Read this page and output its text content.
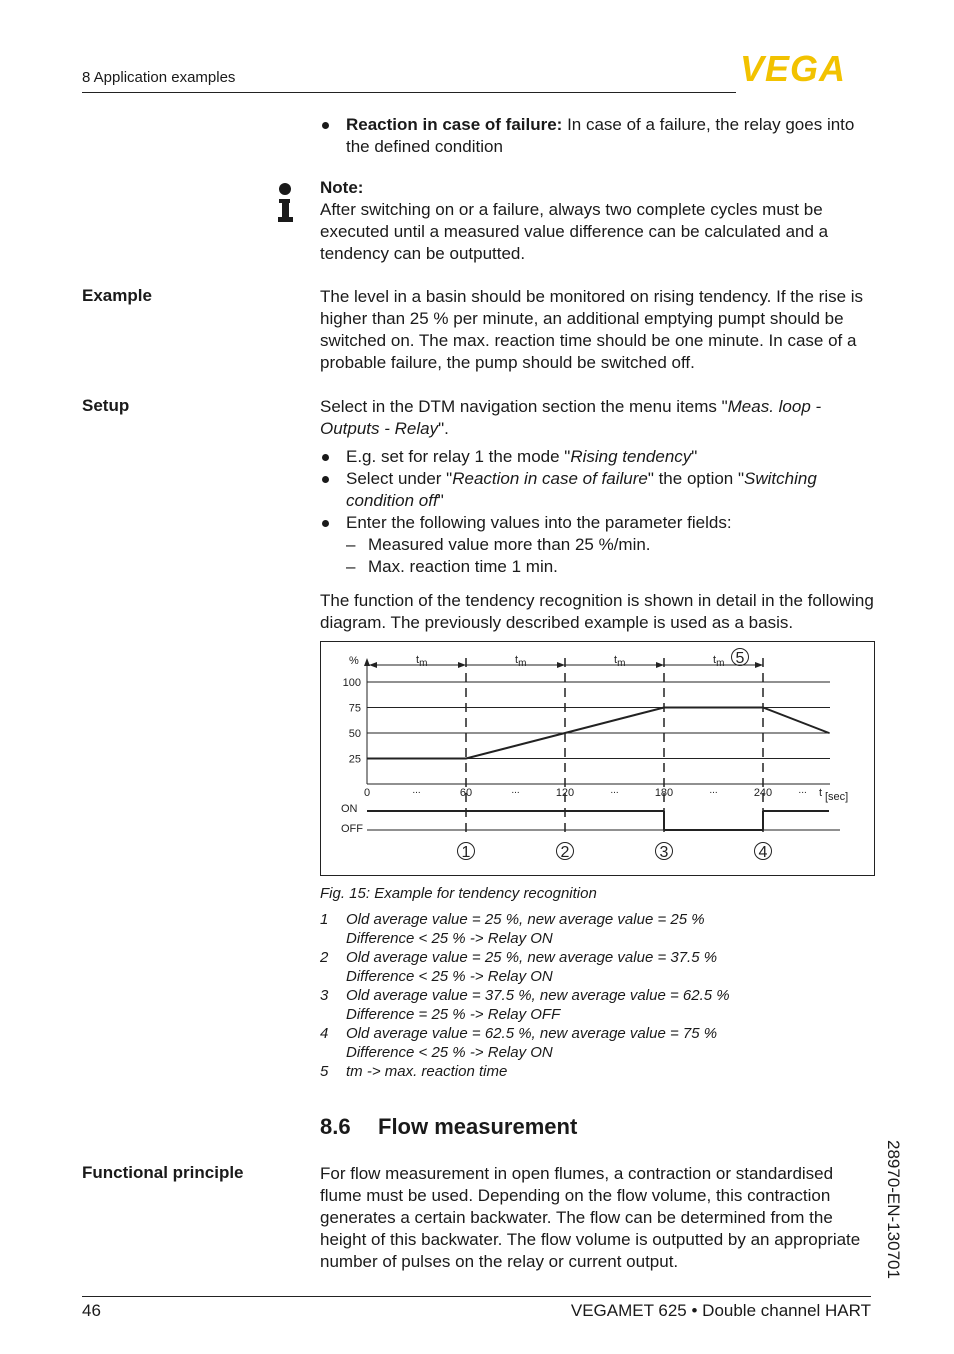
8 Application examples	VEGA
Reaction in case of failure: In case of a failure, the relay goes into the defined condition
Note:
After switching on or a failure, always two complete cycles must be executed until a measured value difference can be calculated and a tendency can be outputted.
Example	The level in a basin should be monitored on rising tendency. If the rise is higher than 25 % per minute, an additional emptying pumpt should be switched on. The max. reaction time should be one minute. In case of a probable failure, the pump should be switched off.
Setup	Select in the DTM navigation section the menu items "Meas. loop - Outputs - Relay".
E.g. set for relay 1 the mode "Rising tendency"
Select under "Reaction in case of failure" the option "Switching condition off"
Enter the following values into the parameter fields:
– Measured value more than 25 %/min.
– Max. reaction time 1 min.
The function of the tendency recognition is shown in detail in the following diagram. The previously described example is used as a basis.
100
75
50
25
%	tm	tm	tm	tm 5
0	60	120	180	240
...	...	...	...	... t [sec]
ON
OFF
1	2	3	4
Fig. 15: Example for tendency recognition
1 Old average value = 25 %, new average value = 25 %
Difference < 25 % -> Relay ON
2 Old average value = 25 %, new average value = 37.5 %
Difference < 25 % -> Relay ON
3 Old average value = 37.5 %, new average value = 62.5 %
Difference = 25 % -> Relay OFF
4 Old average value = 62.5 %, new average value = 75 %
Difference < 25 % -> Relay ON
5 tm -> max. reaction time
8.6 Flow measurement
Functional principle	For flow measurement in open flumes, a contraction or standardised flume must be used. Depending on the flow volume, this contraction generates a certain backwater. The flow can be determined from the height of this backwater. The flow volume is outputted by an appropriate number of pulses on the relay or current output.	28970-EN-130701
46	VEGAMET 625 • Double channel HART
